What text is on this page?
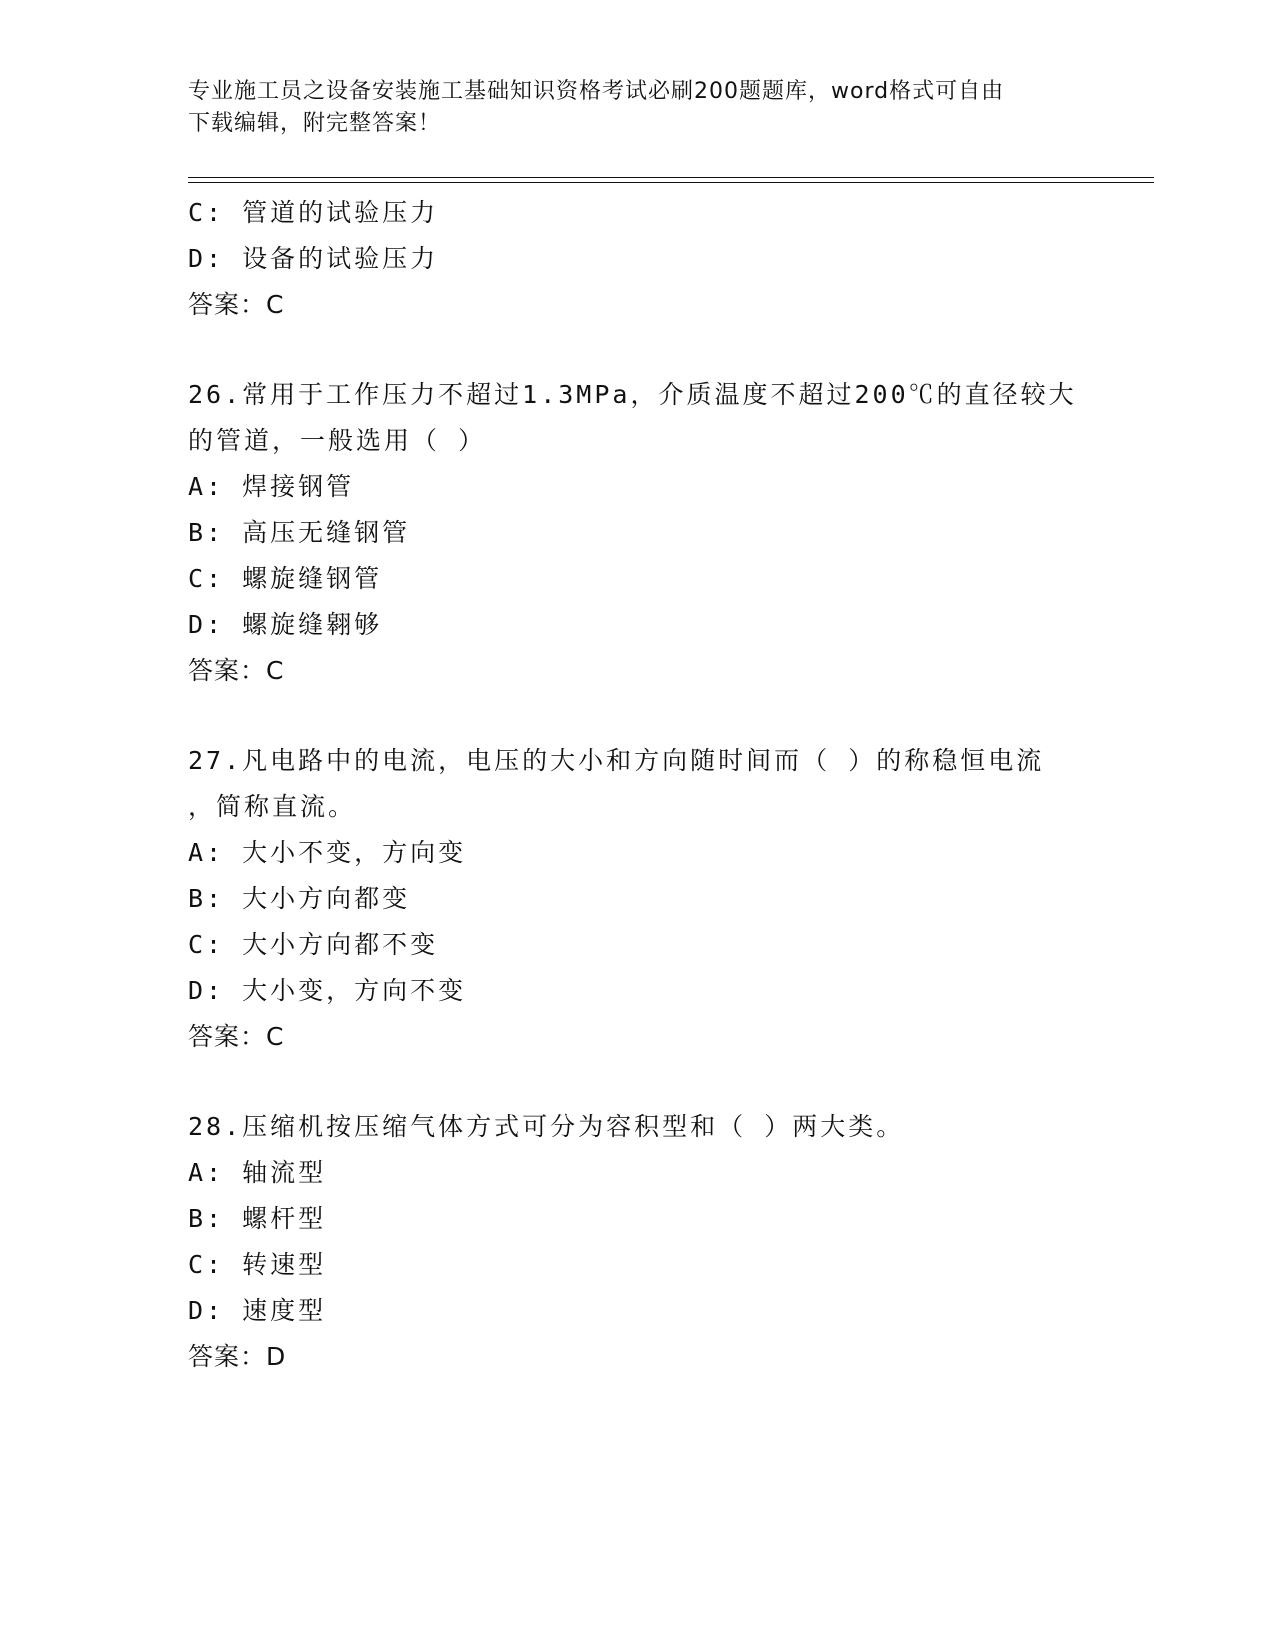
专业施工员之设备安装施工基础知识资格考试必刷200题题库，word格式可自由
下载编辑，附完整答案！
C: 管道的试验压力
D: 设备的试验压力
答案：C
26.常用于工作压力不超过1.3MPa，介质温度不超过200℃的直径较大
的管道，一般选用（ ）
A: 焊接钢管
B: 高压无缝钢管
C: 螺旋缝钢管
D: 螺旋缝翱够
答案：C
27.凡电路中的电流，电压的大小和方向随时间而（ ）的称稳恒电流
，简称直流。
A: 大小不变，方向变
B: 大小方向都变
C: 大小方向都不变
D: 大小变，方向不变
答案：C
28.压缩机按压缩气体方式可分为容积型和（ ）两大类。
A: 轴流型
B: 螺杆型
C: 转速型
D: 速度型
答案：D
